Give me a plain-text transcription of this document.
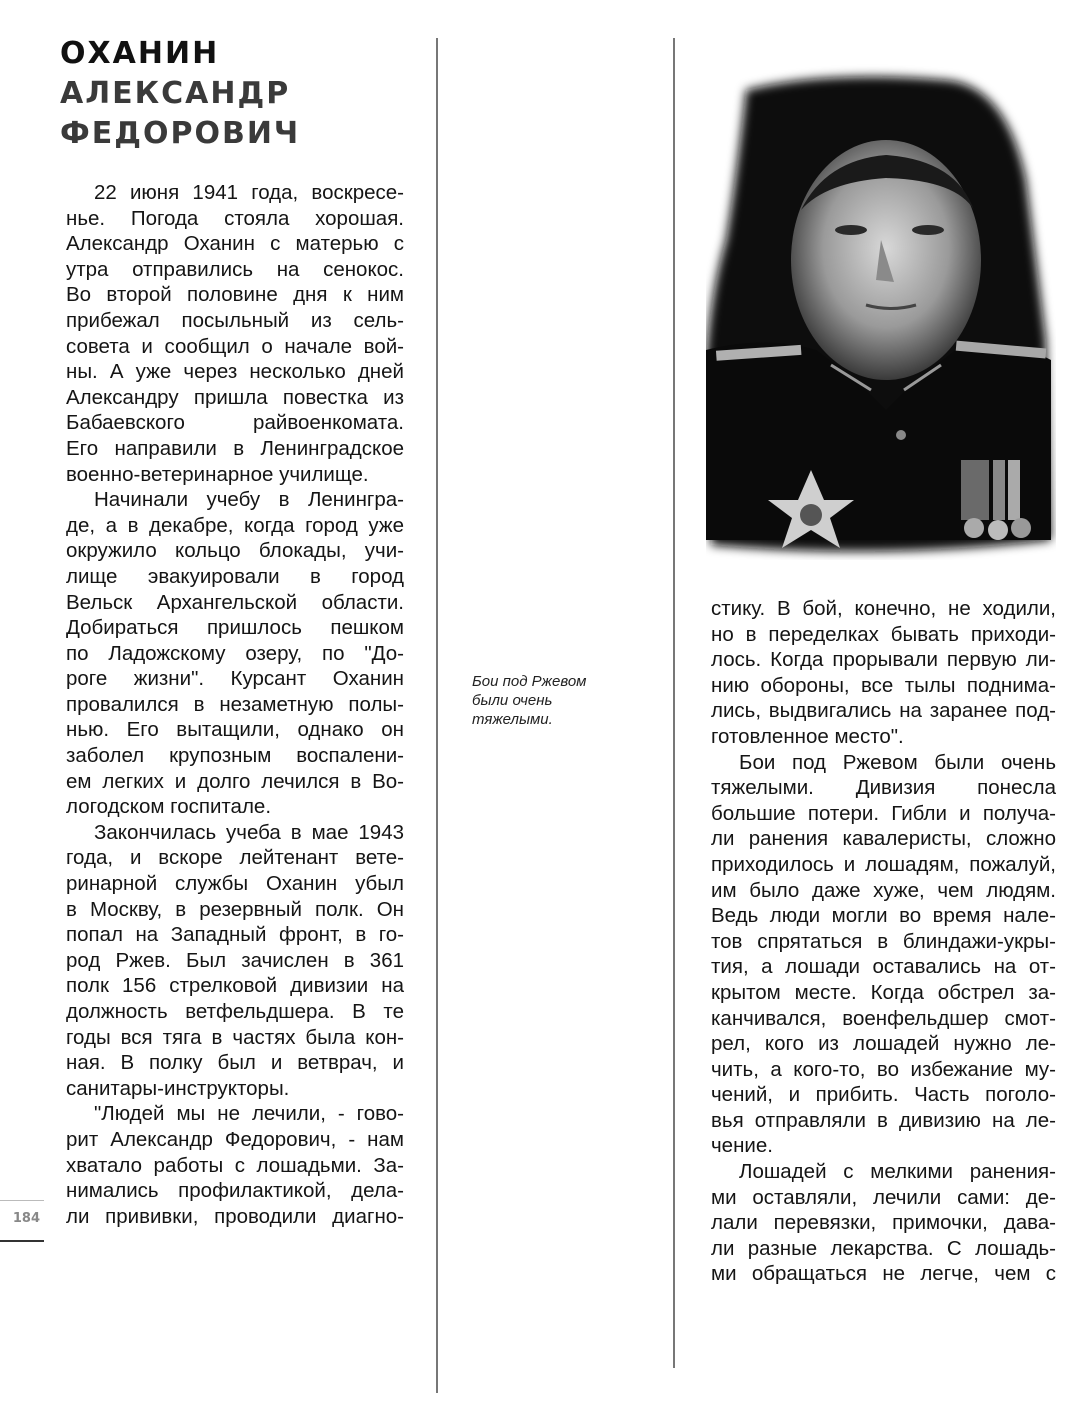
ОХАНИН
АЛЕКСАНДР
ФЕДОРОВИЧ
22 июня 1941 года, воскресе-
нье. Погода стояла хорошая.
Александр Оханин с матерью с
утра отправились на сенокос.
Во второй половине дня к ним
прибежал посыльный из сель-
совета и сообщил о начале вой-
ны. А уже через несколько дней
Александру пришла повестка из
Бабаевского райвоенкомата.
Его направили в Ленинградское
военно-ветеринарное училище.
Начинали учебу в Ленингра-
де, а в декабре, когда город уже
окружило кольцо блокады, учи-
лище эвакуировали в город
Вельск Архангельской области.
Добираться пришлось пешком
по Ладожскому озеру, по "До-
роге жизни". Курсант Оханин
провалился в незаметную полы-
нью. Его вытащили, однако он
заболел крупозным воспалени-
ем легких и долго лечился в Во-
логодском госпитале.
Закончилась учеба в мае 1943
года, и вскоре лейтенант вете-
ринарной службы Оханин убыл
в Москву, в резервный полк. Он
попал на Западный фронт, в го-
род Ржев. Был зачислен в 361
полк 156 стрелковой дивизии на
должность ветфельдшера. В те
годы вся тяга в частях была кон-
ная. В полку был и ветврач, и
санитары-инструкторы.
"Людей мы не лечили, - гово-
рит Александр Федорович, - нам
хватало работы с лошадьми. За-
нимались профилактикой, дела-
ли прививки, проводили диагно-
Бои под Ржевом
были очень
тяжелыми.
стику. В бой, конечно, не ходили,
но в переделках бывать приходи-
лось. Когда прорывали первую ли-
нию обороны, все тылы поднима-
лись, выдвигались на заранее под-
готовленное место".
Бои под Ржевом были очень
тяжелыми. Дивизия понесла
большие потери. Гибли и получа-
ли ранения кавалеристы, сложно
приходилось и лошадям, пожалуй,
им было даже хуже, чем людям.
Ведь люди могли во время нале-
тов спрятаться в блиндажи-укры-
тия, а лошади оставались на от-
крытом месте. Когда обстрел за-
канчивался, военфельдшер смот-
рел, кого из лошадей нужно ле-
чить, а кого-то, во избежание му-
чений, и прибить. Часть поголо-
вья отправляли в дивизию на ле-
чение.
Лошадей с мелкими ранения-
ми оставляли, лечили сами: де-
лали перевязки, примочки, дава-
ли разные лекарства. С лошадь-
ми обращаться не легче, чем с
184
